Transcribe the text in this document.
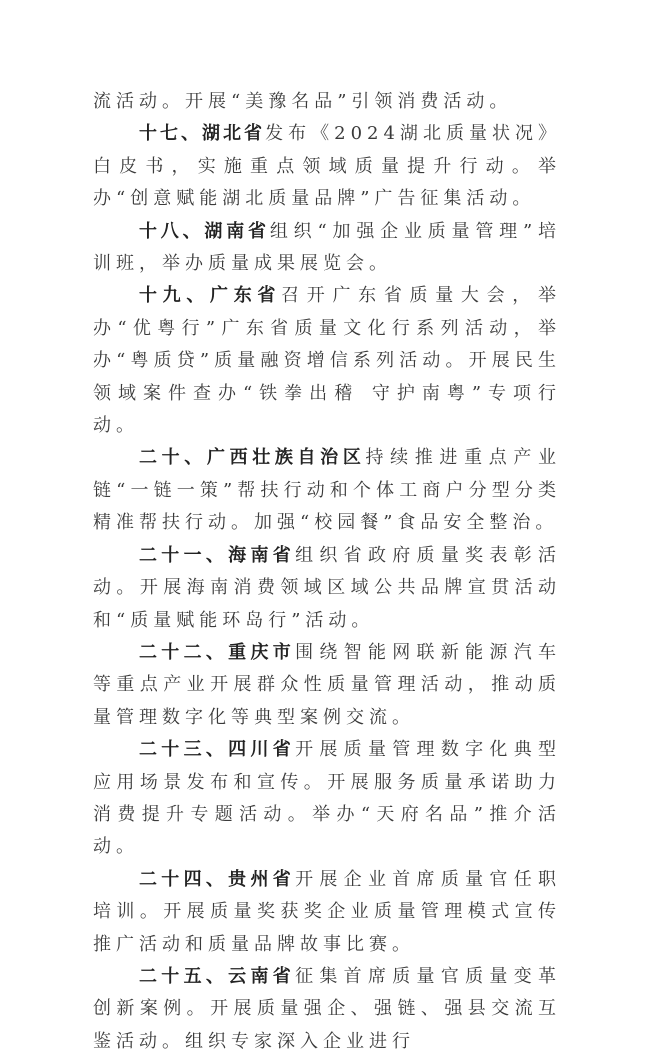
流活动。开展“美豫名品”引领消费活动。

十七、湖北省发布《2024湖北质量状况》白皮书，实施重点领域质量提升行动。举办“创意赋能湖北质量品牌”广告征集活动。

十八、湖南省组织“加强企业质量管理”培训班，举办质量成果展览会。

十九、广东省召开广东省质量大会，举办“优粤行”广东省质量文化行系列活动，举办“粤质贷”质量融资增信系列活动。开展民生领域案件查办“铁拳出稽 守护南粤”专项行动。

二十、广西壮族自治区持续推进重点产业链“一链一策”帮扶行动和个体工商户分型分类精准帮扶行动。加强“校园餐”食品安全整治。

二十一、海南省组织省政府质量奖表彰活动。开展海南消费领域区域公共品牌宣贯活动和“质量赋能环岛行”活动。

二十二、重庆市围绕智能网联新能源汽车等重点产业开展群众性质量管理活动，推动质量管理数字化等典型案例交流。

二十三、四川省开展质量管理数字化典型应用场景发布和宣传。开展服务质量承诺助力消费提升专题活动。举办“天府名品”推介活动。

二十四、贵州省开展企业首席质量官任职培训。开展质量奖获奖企业质量管理模式宣传推广活动和质量品牌故事比赛。

二十五、云南省征集首席质量官质量变革创新案例。开展质量强企、强链、强县交流互鉴活动。组织专家深入企业进行
